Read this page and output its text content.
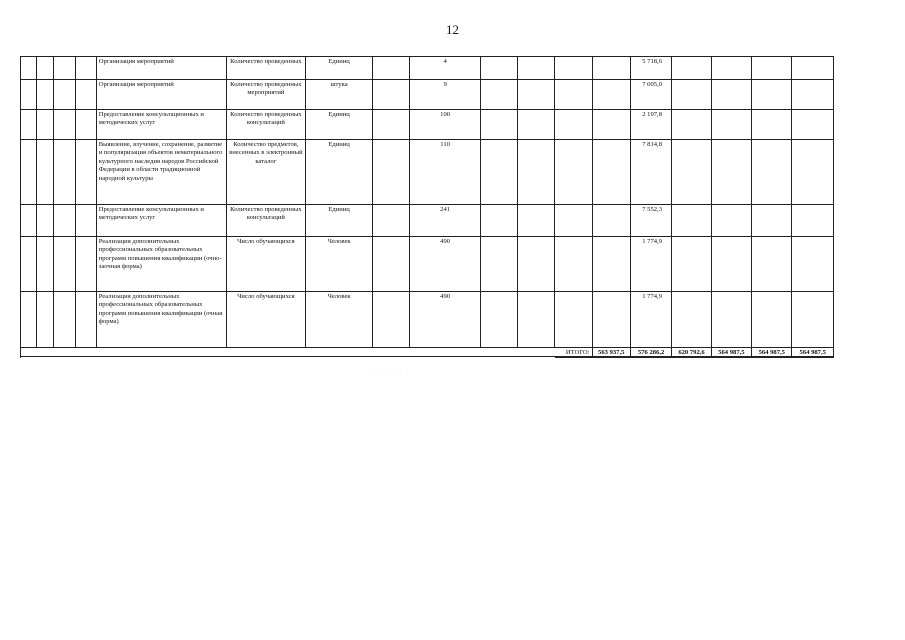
12
				Организация мероприятий	Количество проведенных	Единиц		4					5 718,6				
				Организация мероприятий	Количество проведенных мероприятий	штука		9					7 005,0				
				Предоставление консультационных и методических услуг	Количество проведенных консультаций	Единиц		100					2 197,8				
				Выявление, изучение, сохранение, развитие и популяризация объектов нематериального культурного наследия народов Российской Федерации в области традиционной народной культуры	Количество предметов, внесенных в электронный каталог	Единиц		110					7 814,8				
				Предоставление консультационных и методических услуг	Количество проведенных консультаций	Единиц		241					7 552,3				
				Реализация дополнительных профессиональных образовательных программ повышения квалификации (очно-заочная форма)	Число обучающихся	Человек		490					1 774,9				
				Реализация дополнительных профессиональных образовательных программ повышения квалификации (очная форма)	Число обучающихся	Человек		490					1 774,9				
											ИТОГО:	563 937,5	576 286,2	620 792,6	564 987,5	564 987,5	564 987,5
· · · · · ·
